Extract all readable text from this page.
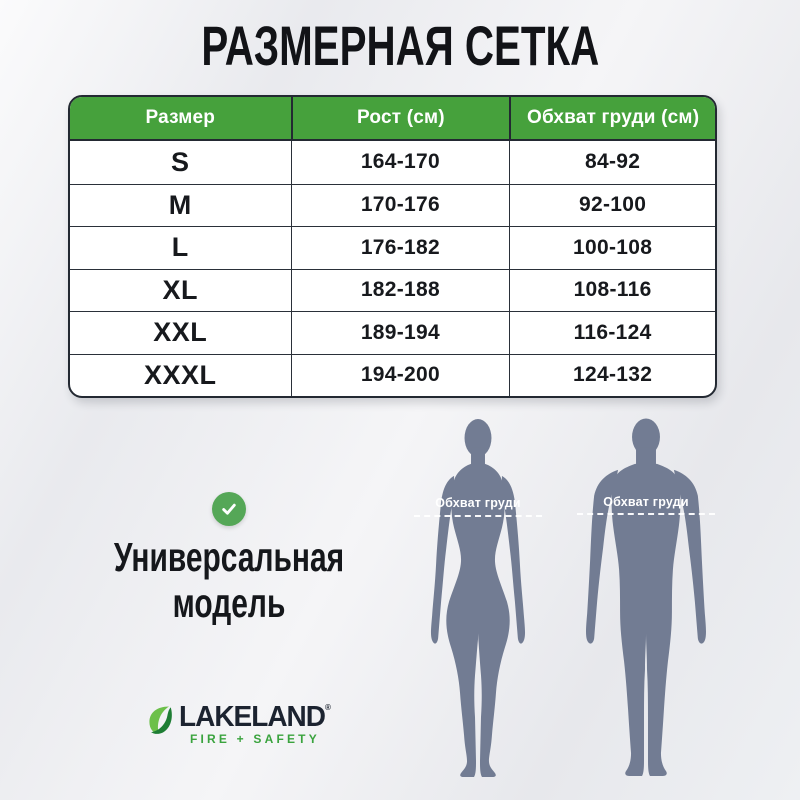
РАЗМЕРНАЯ СЕТКА
Размер	Рост (см)	Обхват груди (см)
S	164-170	84-92
M	170-176	92-100
L	176-182	100-108
XL	182-188	108-116
XXL	189-194	116-124
XXXL	194-200	124-132
Универсальная
модель
Обхват груди	Обхват груди
LAKELAND ®
FIRE + SAFETY
